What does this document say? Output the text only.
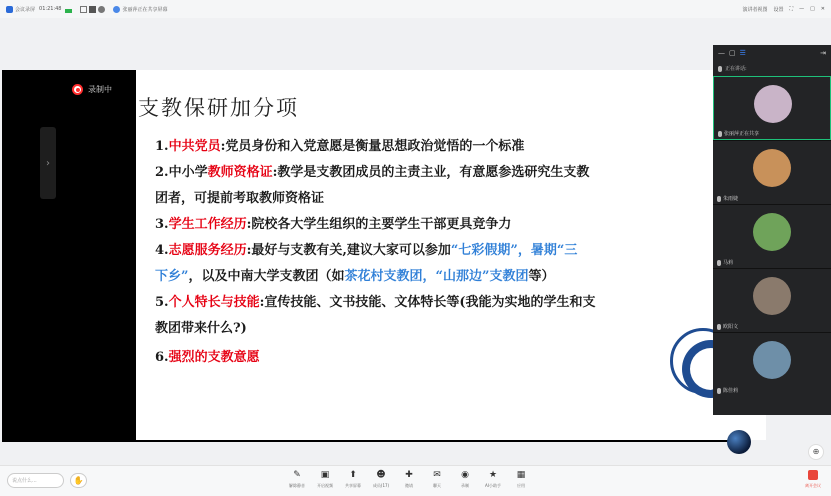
会议录屏 01:21:48	张丽萍正在共享屏幕	演讲者视图 设置 ⛶ — □ ✕
›
录制中
支教保研加分项
1.中共党员:党员身份和入党意愿是衡量思想政治觉悟的一个标准
2.中小学教师资格证:教学是支教团成员的主责主业，有意愿参选研究生支教
团者，可提前考取教师资格证
3.学生工作经历:院校各大学生组织的主要学生干部更具竞争力
4.志愿服务经历:最好与支教有关,建议大家可以参加“七彩假期”，暑期“三
下乡”，以及中南大学支教团（如茶花村支教团，“山那边”支教团等）
5.个人特长与技能:宣传技能、文书技能、文体特长等(我能为实地的学生和支
教团带来什么?)
6.强烈的支教意愿
— ▢ ☰	⇥
正在讲话:
张丽萍正在共享
朱雨婕
马莉
欧阳文
陈佳莉
⊕
说点什么...	✋
✎
解除静音
▣
开启视频
⬆
共享屏幕
☻
成员(17)
✚
邀请
✉
聊天
◉
录制
★
AI小助手
▦
应用	离开会议
